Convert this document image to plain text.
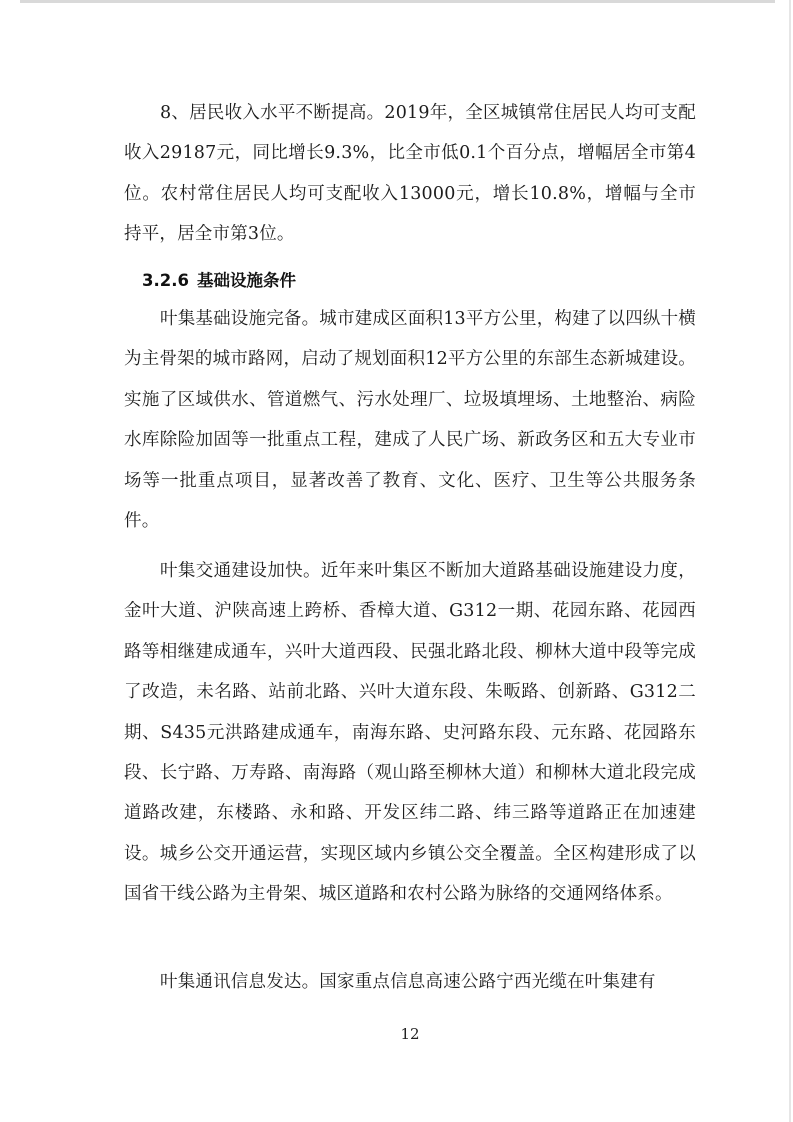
8、居民收入水平不断提高。2019年，全区城镇常住居民人均可支配收入29187元，同比增长9.3%，比全市低0.1个百分点，增幅居全市第4位。农村常住居民人均可支配收入13000元，增长10.8%，增幅与全市持平，居全市第3位。

3.2.6 基础设施条件

叶集基础设施完备。城市建成区面积13平方公里，构建了以四纵十横为主骨架的城市路网，启动了规划面积12平方公里的东部生态新城建设。实施了区域供水、管道燃气、污水处理厂、垃圾填埋场、土地整治、病险水库除险加固等一批重点工程，建成了人民广场、新政务区和五大专业市场等一批重点项目，显著改善了教育、文化、医疗、卫生等公共服务条件。

叶集交通建设加快。近年来叶集区不断加大道路基础设施建设力度，金叶大道、沪陕高速上跨桥、香樟大道、G312一期、花园东路、花园西路等相继建成通车，兴叶大道西段、民强北路北段、柳林大道中段等完成了改造，未名路、站前北路、兴叶大道东段、朱畈路、创新路、G312二期、S435元洪路建成通车，南海东路、史河路东段、元东路、花园路东段、长宁路、万寿路、南海路（观山路至柳林大道）和柳林大道北段完成道路改建，东楼路、永和路、开发区纬二路、纬三路等道路正在加速建设。城乡公交开通运营，实现区域内乡镇公交全覆盖。全区构建形成了以国省干线公路为主骨架、城区道路和农村公路为脉络的交通网络体系。

叶集通讯信息发达。国家重点信息高速公路宁西光缆在叶集建有

12
